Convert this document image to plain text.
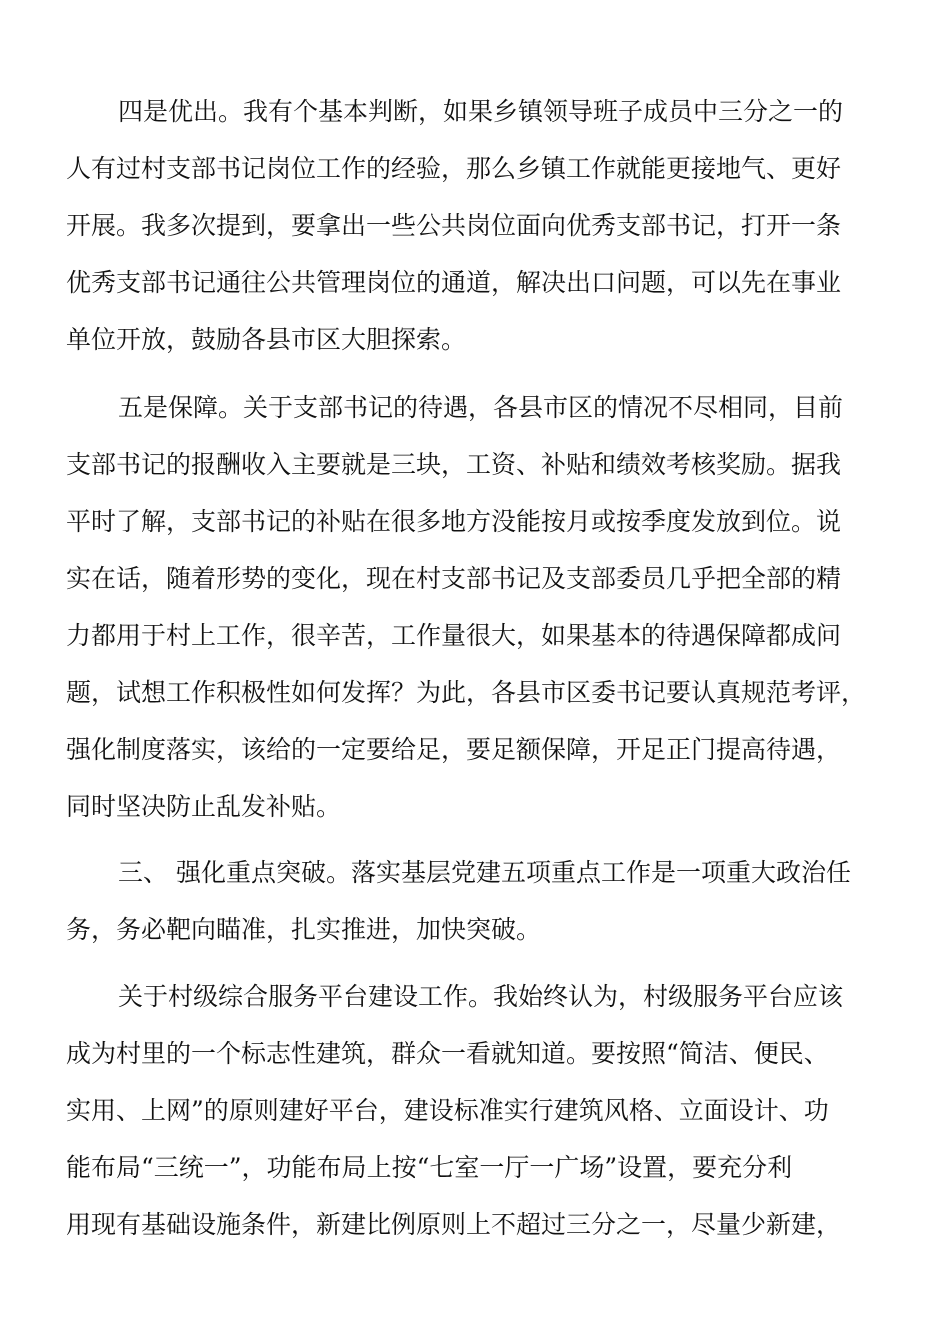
四是优出。我有个基本判断，如果乡镇领导班子成员中三分之一的
人有过村支部书记岗位工作的经验，那么乡镇工作就能更接地气、更好
开展。我多次提到，要拿出一些公共岗位面向优秀支部书记，打开一条
优秀支部书记通往公共管理岗位的通道，解决出口问题，可以先在事业
单位开放，鼓励各县市区大胆探索。
五是保障。关于支部书记的待遇，各县市区的情况不尽相同，目前
支部书记的报酬收入主要就是三块，工资、补贴和绩效考核奖励。据我
平时了解，支部书记的补贴在很多地方没能按月或按季度发放到位。说
实在话，随着形势的变化，现在村支部书记及支部委员几乎把全部的精
力都用于村上工作，很辛苦，工作量很大，如果基本的待遇保障都成问
题，试想工作积极性如何发挥？为此，各县市区委书记要认真规范考评，
强化制度落实，该给的一定要给足，要足额保障，开足正门提高待遇，
同时坚决防止乱发补贴。
三、 强化重点突破。落实基层党建五项重点工作是一项重大政治任
务，务必靶向瞄准，扎实推进，加快突破。
关于村级综合服务平台建设工作。我始终认为，村级服务平台应该
成为村里的一个标志性建筑，群众一看就知道。要按照“简洁、便民、
实用、上网”的原则建好平台，建设标准实行建筑风格、立面设计、功
能布局“三统一”，功能布局上按“七室一厅一广场”设置，要充分利
用现有基础设施条件，新建比例原则上不超过三分之一，尽量少新建，
